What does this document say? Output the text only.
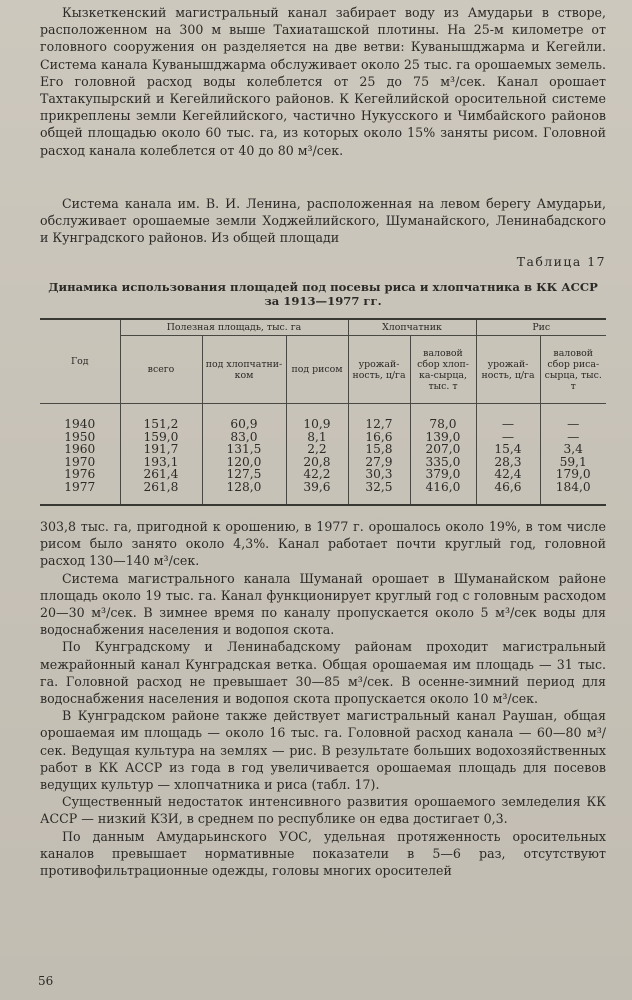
Кызкеткенский магистральный канал забирает воду из Амударьи в створе, расположенном на 300 м выше Тахиаташской плотины. На 25-м километре от головного сооружения он разделяется на две ветви: Куванышджарма и Кегейли. Система канала Куванышджарма обслуживает около 25 тыс. га орошаемых земель. Его головной расход воды колеблется от 25 до 75 м³/сек. Канал орошает Тахтакупырский и Кегейлийского районов. К Кегейлийской оросительной системе прикреплены земли Кегейлийского, частично Нукусского и Чимбайского районов общей площадью около 60 тыс. га, из которых около 15% заняты рисом. Головной расход канала колеблется от 40 до 80 м³/сек.

Система канала им. В. И. Ленина, расположенная на левом берегу Амударьи, обслуживает орошаемые земли Ходжейлийского, Шуманайского, Ленинабадского и Кунградского районов. Из общей площади

Таблица 17
Динамика использования площадей под посевы риса и хлопчатника в КК АССР за 1913—1977 гг.
Год	Полезная площадь, тыс. га			Хлопчатник		Рис	
	всего	под хлопчатни-ком	под рисом	урожай-ность, ц/га	валовой сбор хлоп-ка-сырца, тыс. т	урожай-ность, ц/га	валовой сбор риса-сырца, тыс. т
1940	151,2	60,9	10,9	12,7	78,0	—	—
1950	159,0	83,0	8,1	16,6	139,0	—	—
1960	191,7	131,5	2,2	15,8	207,0	15,4	3,4
1970	193,1	120,0	20,8	27,9	335,0	28,3	59,1
1976	261,4	127,5	42,2	30,3	379,0	42,4	179,0
1977	261,8	128,0	39,6	32,5	416,0	46,6	184,0

303,8 тыс. га, пригодной к орошению, в 1977 г. орошалось около 19%, в том числе рисом было занято около 4,3%. Канал работает почти круглый год, головной расход 130—140 м³/сек.

Система магистрального канала Шуманай орошает в Шуманайском районе площадь около 19 тыс. га. Канал функционирует круглый год с головным расходом 20—30 м³/сек. В зимнее время по каналу пропускается около 5 м³/сек воды для водоснабжения населения и водопоя скота.

По Кунградскому и Ленинабадскому районам проходит магистральный межрайонный канал Кунградская ветка. Общая орошаемая им площадь — 31 тыс. га. Головной расход не превышает 30—85 м³/сек. В осенне-зимний период для водоснабжения населения и водопоя скота пропускается около 10 м³/сек.

В Кунградском районе также действует магистральный канал Раушан, общая орошаемая им площадь — около 16 тыс. га. Головной расход канала — 60—80 м³/сек. Ведущая культура на землях — рис. В результате больших водохозяйственных работ в КК АССР из года в год увеличивается орошаемая площадь для посевов ведущих культур — хлопчатника и риса (табл. 17).

Существенный недостаток интенсивного развития орошаемого земледелия КК АССР — низкий КЗИ, в среднем по республике он едва достигает 0,3.

По данным Амударьинского УОС, удельная протяженность оросительных каналов превышает нормативные показатели в 5—6 раз, отсутствуют противофильтрационные одежды, головы многих оросителей

56
